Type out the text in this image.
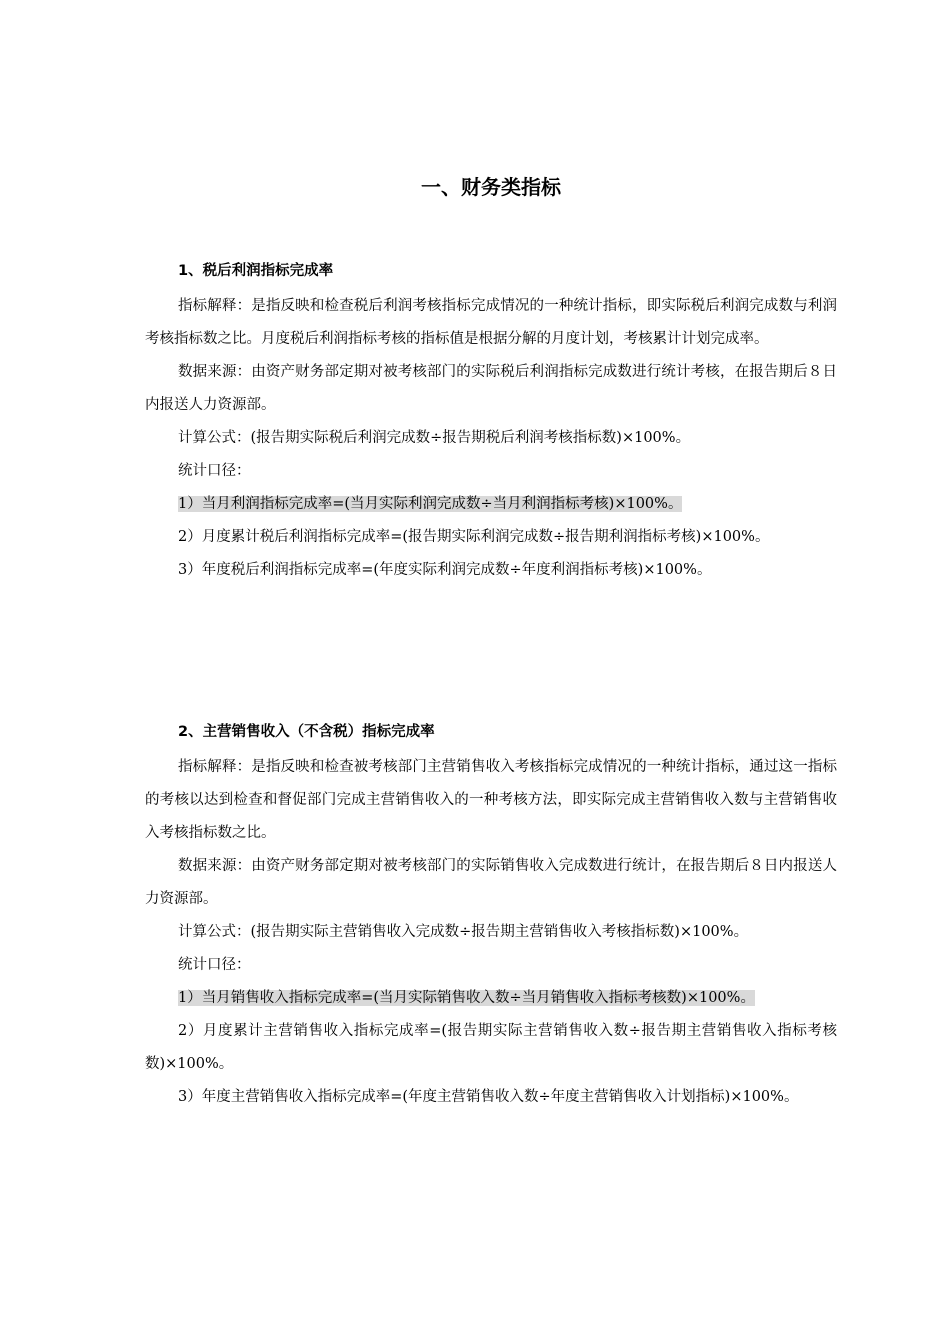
一、财务类指标
1、税后利润指标完成率

指标解释：是指反映和检查税后利润考核指标完成情况的一种统计指标，即实际税后利润完成数与利润考核指标数之比。月度税后利润指标考核的指标值是根据分解的月度计划，考核累计计划完成率。

数据来源：由资产财务部定期对被考核部门的实际税后利润指标完成数进行统计考核，在报告期后８日内报送人力资源部。

计算公式：(报告期实际税后利润完成数÷报告期税后利润考核指标数)×100%。

统计口径：

1）当月利润指标完成率=(当月实际利润完成数÷当月利润指标考核)×100%。

2）月度累计税后利润指标完成率=(报告期实际利润完成数÷报告期利润指标考核)×100%。

3）年度税后利润指标完成率=(年度实际利润完成数÷年度利润指标考核)×100%。

2、主营销售收入（不含税）指标完成率

指标解释：是指反映和检查被考核部门主营销售收入考核指标完成情况的一种统计指标，通过这一指标的考核以达到检查和督促部门完成主营销售收入的一种考核方法，即实际完成主营销售收入数与主营销售收入考核指标数之比。

数据来源：由资产财务部定期对被考核部门的实际销售收入完成数进行统计，在报告期后８日内报送人力资源部。

计算公式：(报告期实际主营销售收入完成数÷报告期主营销售收入考核指标数)×100%。

统计口径：

1）当月销售收入指标完成率=(当月实际销售收入数÷当月销售收入指标考核数)×100%。

2）月度累计主营销售收入指标完成率=(报告期实际主营销售收入数÷报告期主营销售收入指标考核数)×100%。

3）年度主营销售收入指标完成率=(年度主营销售收入数÷年度主营销售收入计划指标)×100%。
